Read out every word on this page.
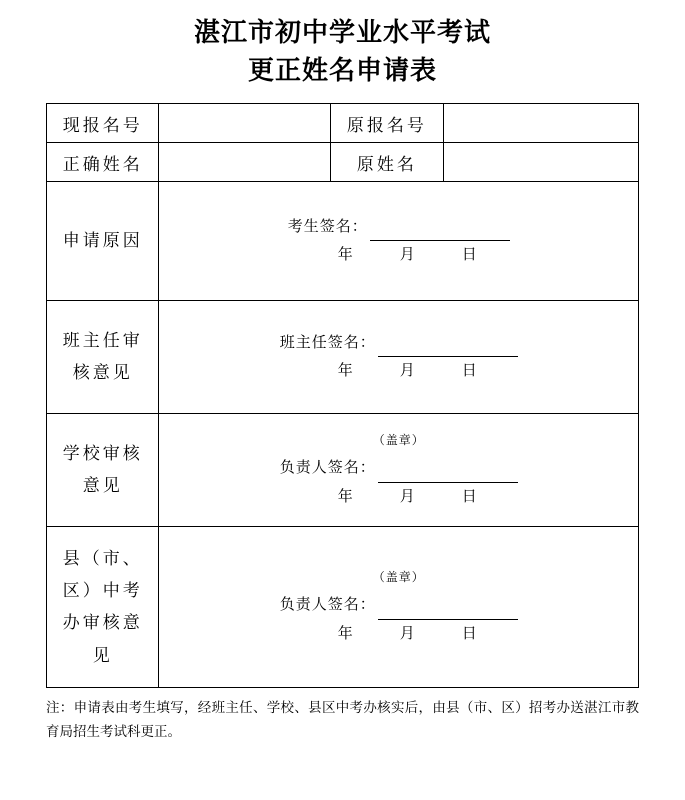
湛江市初中学业水平考试
更正姓名申请表
现报名号		原报名号	
正确姓名		原姓名	
申请原因	考生签名：
年 月 日		

班主任审
核意见

班主任签名：
年	月	日

学校审核
意见

（盖章）
负责人签名：
年	月	日

县（市、
区）中考
办审核意
见

（盖章）
负责人签名：
年	月	日
注：申请表由考生填写，经班主任、学校、县区中考办核实后，由县（市、区）招考办送湛江市教育局招生考试科更正。
